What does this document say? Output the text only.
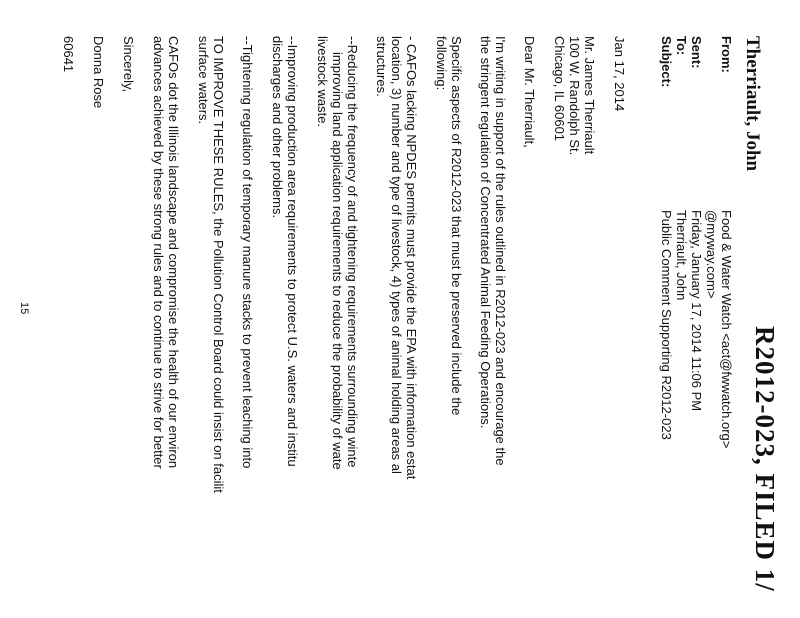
R2012-023, FILED 1/
Therriault, John
From:
Food & Water Watch <act@fwwatch.org>
@myway.com>
Sent:
Friday, January 17, 2014 11:06 PM
To:
Therriault, John
Subject:
Public Comment Supporting R2012-023
Jan 17, 2014
Mr. James Therriault
100 W. Randolph St.
Chicago, IL 60601
Dear Mr. Therriault,
I'm writing in support of the rules outlined in R2012-023 and encourage the
the stringent regulation of Concentrated Animal Feeding Operations.
Specific aspects of R2012-023 that must be preserved include the
following:
- CAFOs lacking NPDES permits must provide the EPA with information estat
location, 3) number and type of livestock, 4) types of animal holding areas al
structures.
--Reducing the frequency of and tightening requirements surrounding winte
improving land application requirements to reduce the probability of wate
livestock waste.
--Improving production area requirements to protect U.S. waters and institu
discharges and other problems.
--Tightening regulation of temporary manure stacks to prevent leaching into
TO IMPROVE THESE RULES, the Pollution Control Board could insist on facilit
surface waters.
CAFOs dot the Illinois landscape and compromise the health of our environ
advances achieved by these strong rules and to continue to strive for better
Sincerely,
Donna Rose
60641
15
